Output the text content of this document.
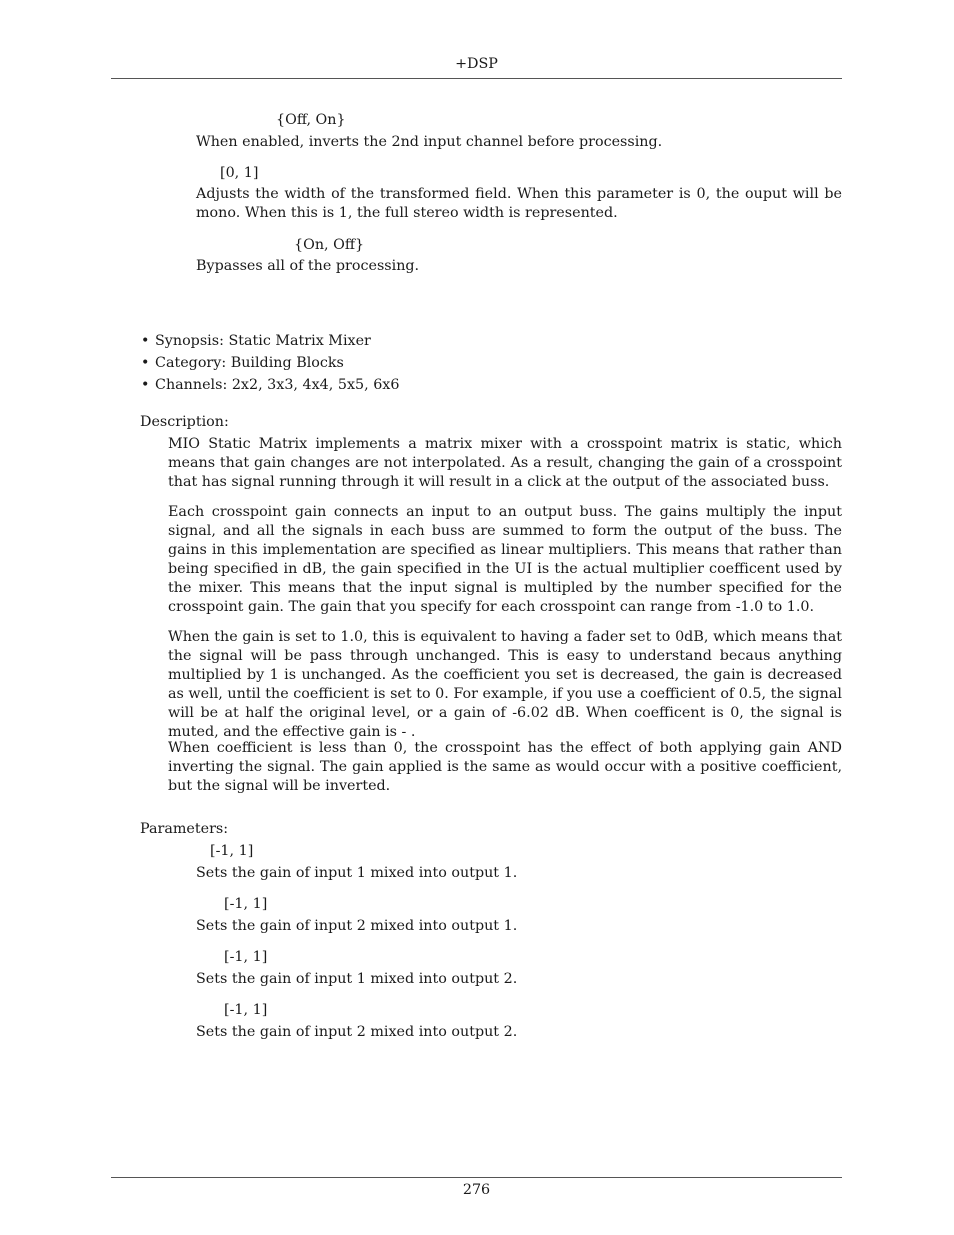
+DSP
{Off, On}
When enabled, inverts the 2nd input channel before processing.
[0, 1]
Adjusts the width of the transformed field. When this parameter is 0, the ouput will be mono. When this is 1, the full stereo width is represented.
{On, Off}
Bypasses all of the processing.
• Synopsis: Static Matrix Mixer
• Category: Building Blocks
• Channels: 2x2, 3x3, 4x4, 5x5, 6x6
Description:
MIO Static Matrix implements a matrix mixer with a crosspoint matrix is static, which means that gain changes are not interpolated. As a result, changing the gain of a crosspoint that has signal running through it will result in a click at the output of the associated buss.
Each crosspoint gain connects an input to an output buss. The gains multiply the input signal, and all the signals in each buss are summed to form the output of the buss. The gains in this implementation are specified as linear multipliers. This means that rather than being specified in dB, the gain specified in the UI is the actual multiplier coefficent used by the mixer. This means that the input signal is multipled by the number specified for the crosspoint gain. The gain that you specify for each crosspoint can range from -1.0 to 1.0.
When the gain is set to 1.0, this is equivalent to having a fader set to 0dB, which means that the signal will be pass through unchanged. This is easy to understand becaus anything multiplied by 1 is unchanged. As the coefficient you set is decreased, the gain is decreased as well, until the coefficient is set to 0. For example, if you use a coefficient of 0.5, the signal will be at half the original level, or a gain of -6.02 dB. When coefficent is 0, the signal is muted, and the effective gain is - .
When coefficient is less than 0, the crosspoint has the effect of both applying gain AND inverting the signal. The gain applied is the same as would occur with a positive coefficient, but the signal will be inverted.
Parameters:
[-1, 1]
Sets the gain of input 1 mixed into output 1.
[-1, 1]
Sets the gain of input 2 mixed into output 1.
[-1, 1]
Sets the gain of input 1 mixed into output 2.
[-1, 1]
Sets the gain of input 2 mixed into output 2.
276
